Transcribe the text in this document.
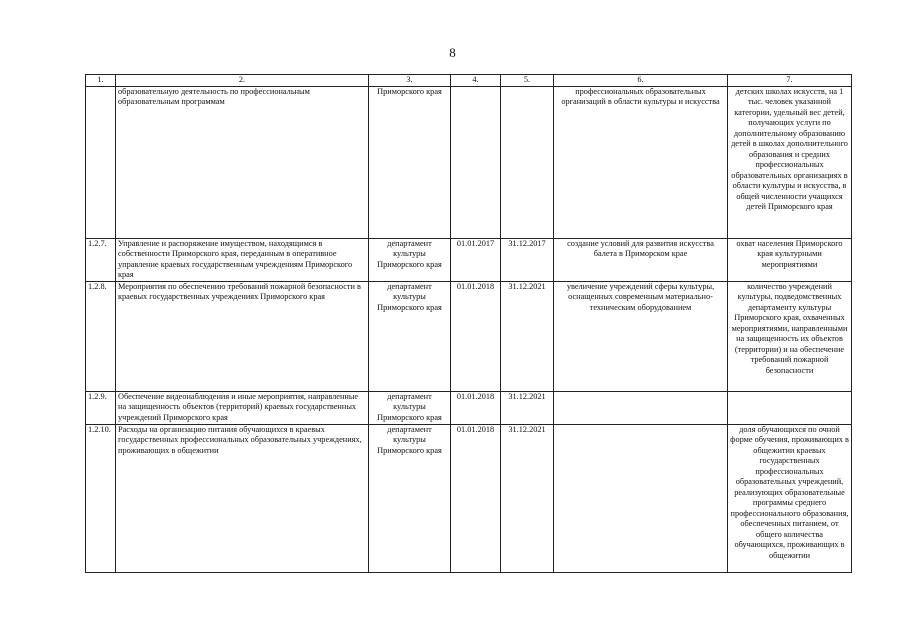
8
1.	2.	3.	4.	5.	6.	7.
	образовательную деятельность по профессиональным образовательным программам	Приморского края			профессиональных образовательных организаций в области культуры и искусства	детских школах искусств, на 1 тыс. человек указанной категории, удельный вес детей, получающих услуги по дополнительному образованию детей в школах дополнительного образования и средних профессиональных образовательных организациях в области культуры и искусства, в общей численности учащихся детей Приморского края
1.2.7.	Управление и распоряжение имуществом, находящимся в собственности Приморского края, переданным в оперативное управление краевых государственным учреждениям Приморского края	департамент культуры Приморского края	01.01.2017	31.12.2017	создание условий для развития искусства балета в Приморском крае	охват населения Приморского края культурными мероприятиями
1.2.8.	Мероприятия по обеспечению требований пожарной безопасности в краевых государственных учреждениях Приморского края	департамент культуры Приморского края	01.01.2018	31.12.2021	увеличение учреждений сферы культуры, оснащенных современным материально-техническим оборудованием	количество учреждений культуры, подведомственных департаменту культуры Приморского края, охваченных мероприятиями, направленными на защищенность их объектов (территории) и на обеспечение требований пожарной безопасности
1.2.9.	Обеспечение видеонаблюдения и иные мероприятия, направленные на защищенность объектов (территорий) краевых государственных учреждений Приморского края	департамент культуры Приморского края	01.01.2018	31.12.2021		
1.2.10.	Расходы на организацию питания обучающихся в краевых государственных профессиональных образовательных учреждениях, проживающих в общежитии	департамент культуры Приморского края	01.01.2018	31.12.2021		доля обучающихся по очной форме обучения, проживающих в общежитии краевых государственных профессиональных образовательных учреждений, реализующих образовательные программы среднего профессионального образования, обеспеченных питанием, от общего количества обучающихся, проживающих в общежитии
